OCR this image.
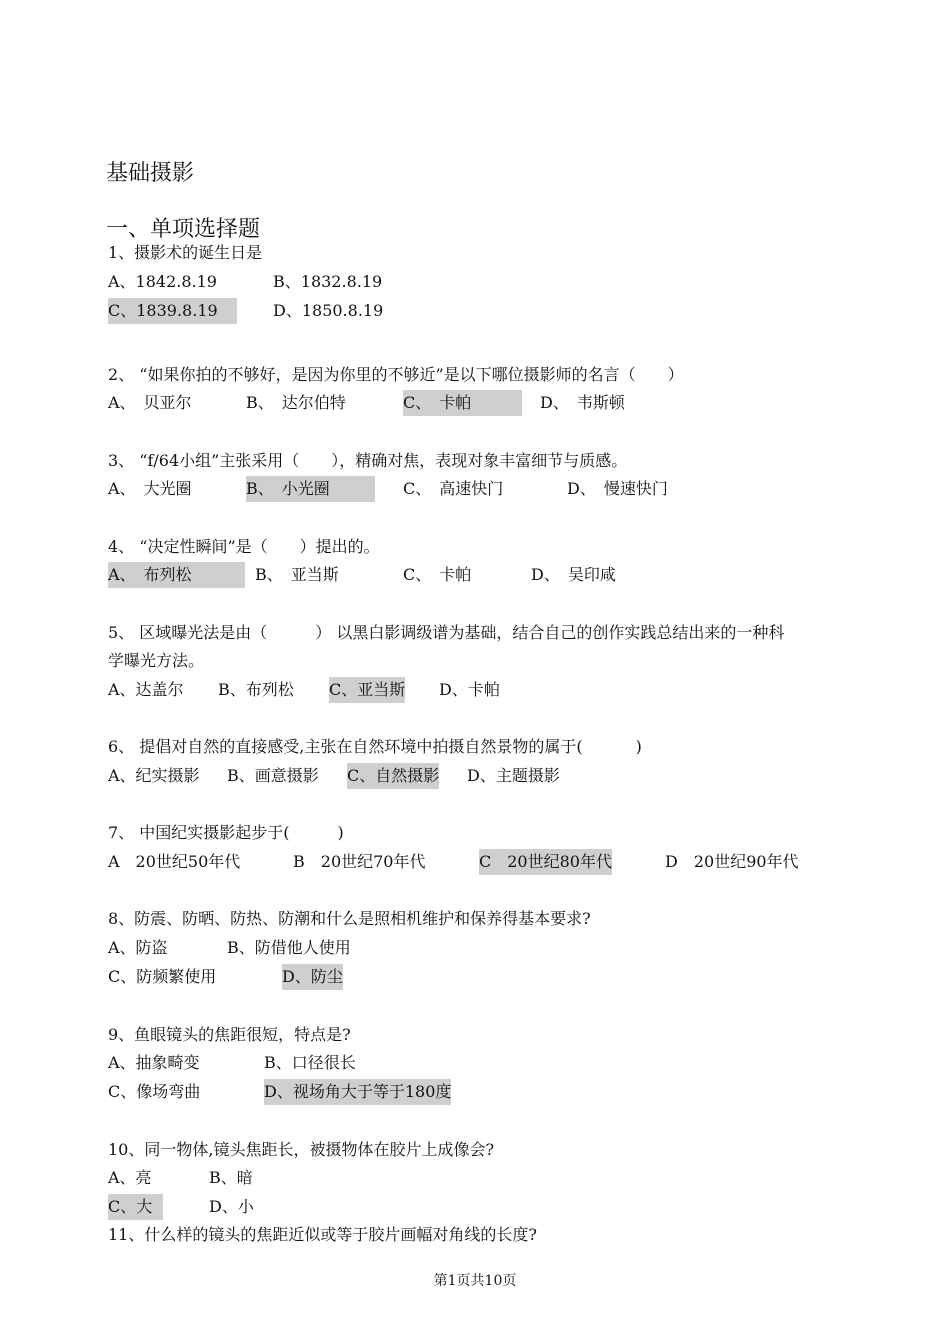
基础摄影
一、单项选择题
1、摄影术的诞生日是
A、1842.8.19	B、1832.8.19
C、1839.8.19	D、1850.8.19
2、 “如果你拍的不够好，是因为你里的不够近”是以下哪位摄影师的名言（　　）
A、　贝亚尔	B、　达尔伯特	C、　卡帕　	D、　韦斯顿
3、 “f/64小组”主张采用（　　），精确对焦，表现对象丰富细节与质感。
A、　大光圈	B、　小光圈	C、　高速快门	D、　慢速快门
4、 “决定性瞬间”是（　　）提出的。
A、　布列松　	B、　亚当斯	C、　卡帕	D、　吴印咸
5、 区域曝光法是由（　　　） 以黑白影调级谱为基础，结合自己的创作实践总结出来的一种科
学曝光方法。
A、达盖尔 B、布列松 C、亚当斯 D、卡帕
6、 提倡对自然的直接感受,主张在自然环境中拍摄自然景物的属于(　　　 )
A、纪实摄影 B、画意摄影 C、自然摄影 D、主题摄影
7、 中国纪实摄影起步于(　　　)
A　20世纪50年代	B　20世纪70年代	C　20世纪80年代	D　20世纪90年代
8、防震、防晒、防热、防潮和什么是照相机维护和保养得基本要求?
A、防盗	B、防借他人使用
C、防频繁使用	D、防尘
9、鱼眼镜头的焦距很短，特点是?
A、抽象畸变	B、口径很长
C、像场弯曲	D、视场角大于等于180度
10、同一物体,镜头焦距长，被摄物体在胶片上成像会?
A、亮	B、暗
C、大	D、小
11、什么样的镜头的焦距近似或等于胶片画幅对角线的长度?
第1页共10页
